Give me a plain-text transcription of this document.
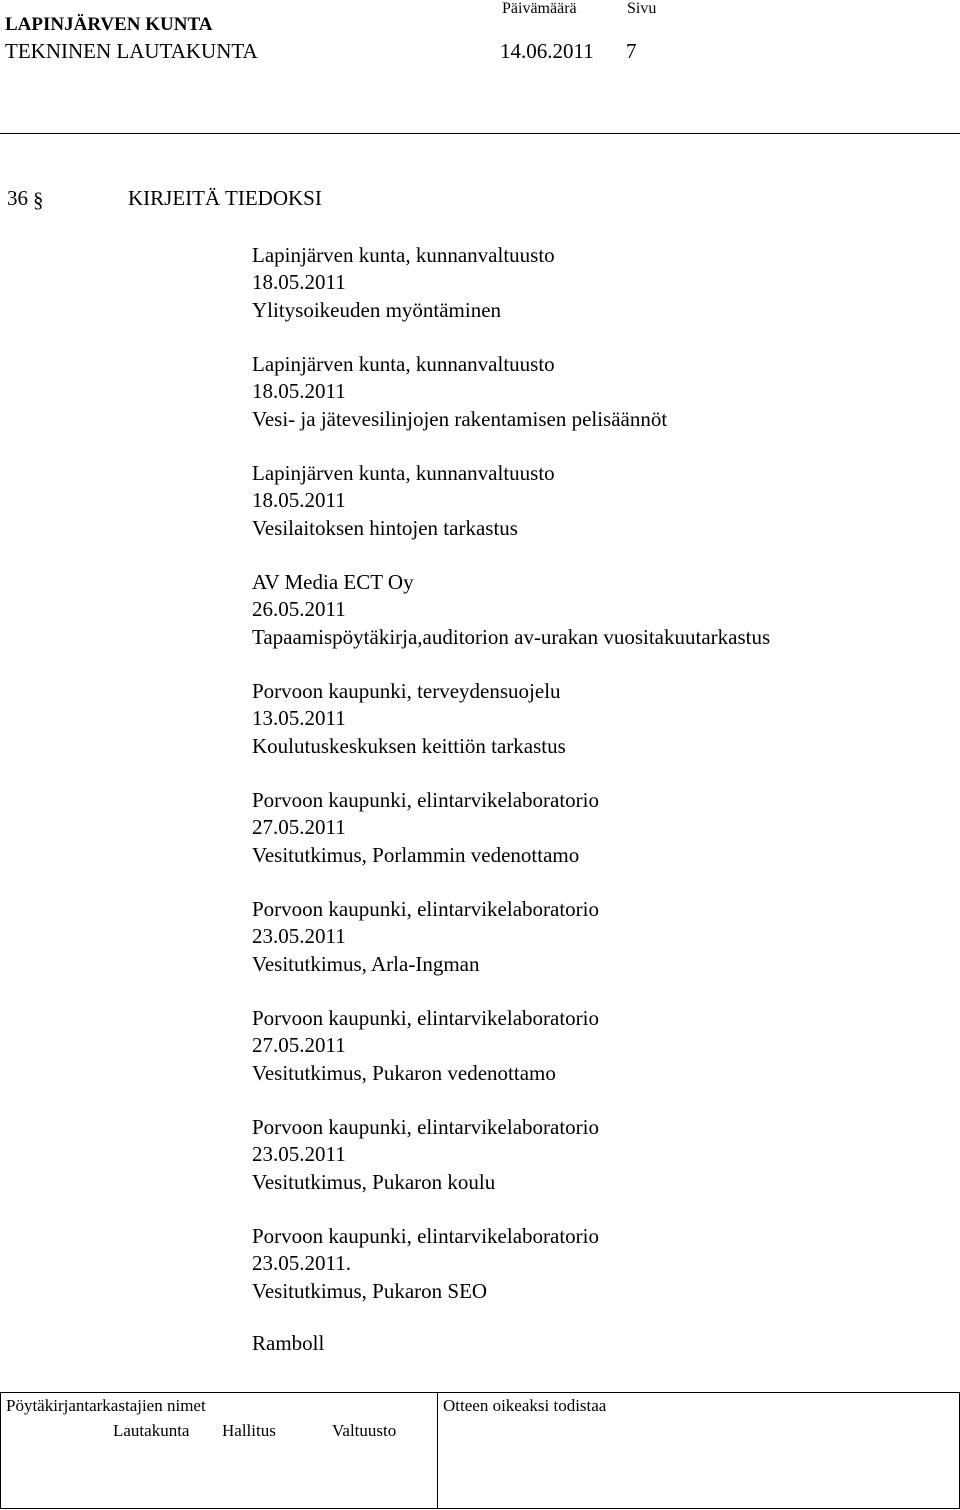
LAPINJÄRVEN KUNTA
TEKNINEN LAUTAKUNTA
Päivämäärä	Sivu
14.06.2011 7
36 §	KIRJEITÄ TIEDOKSI
Lapinjärven kunta, kunnanvaltuusto
18.05.2011
Ylitysoikeuden myöntäminen
Lapinjärven kunta, kunnanvaltuusto
18.05.2011
Vesi- ja jätevesilinjojen rakentamisen pelisäännöt
Lapinjärven kunta, kunnanvaltuusto
18.05.2011
Vesilaitoksen hintojen tarkastus
AV Media ECT Oy
26.05.2011
Tapaamispöytäkirja,auditorion av-urakan vuositakuutarkastus
Porvoon kaupunki, terveydensuojelu
13.05.2011
Koulutuskeskuksen keittiön tarkastus
Porvoon kaupunki, elintarvikelaboratorio
27.05.2011
Vesitutkimus, Porlammin vedenottamo
Porvoon kaupunki, elintarvikelaboratorio
23.05.2011
Vesitutkimus, Arla-Ingman
Porvoon kaupunki, elintarvikelaboratorio
27.05.2011
Vesitutkimus, Pukaron vedenottamo
Porvoon kaupunki, elintarvikelaboratorio
23.05.2011
Vesitutkimus, Pukaron koulu
Porvoon kaupunki, elintarvikelaboratorio
23.05.2011.
Vesitutkimus, Pukaron SEO
Ramboll
Pöytäkirjantarkastajien nimet	Otteen oikeaksi todistaa
Lautakunta Hallitus	Valtuusto
